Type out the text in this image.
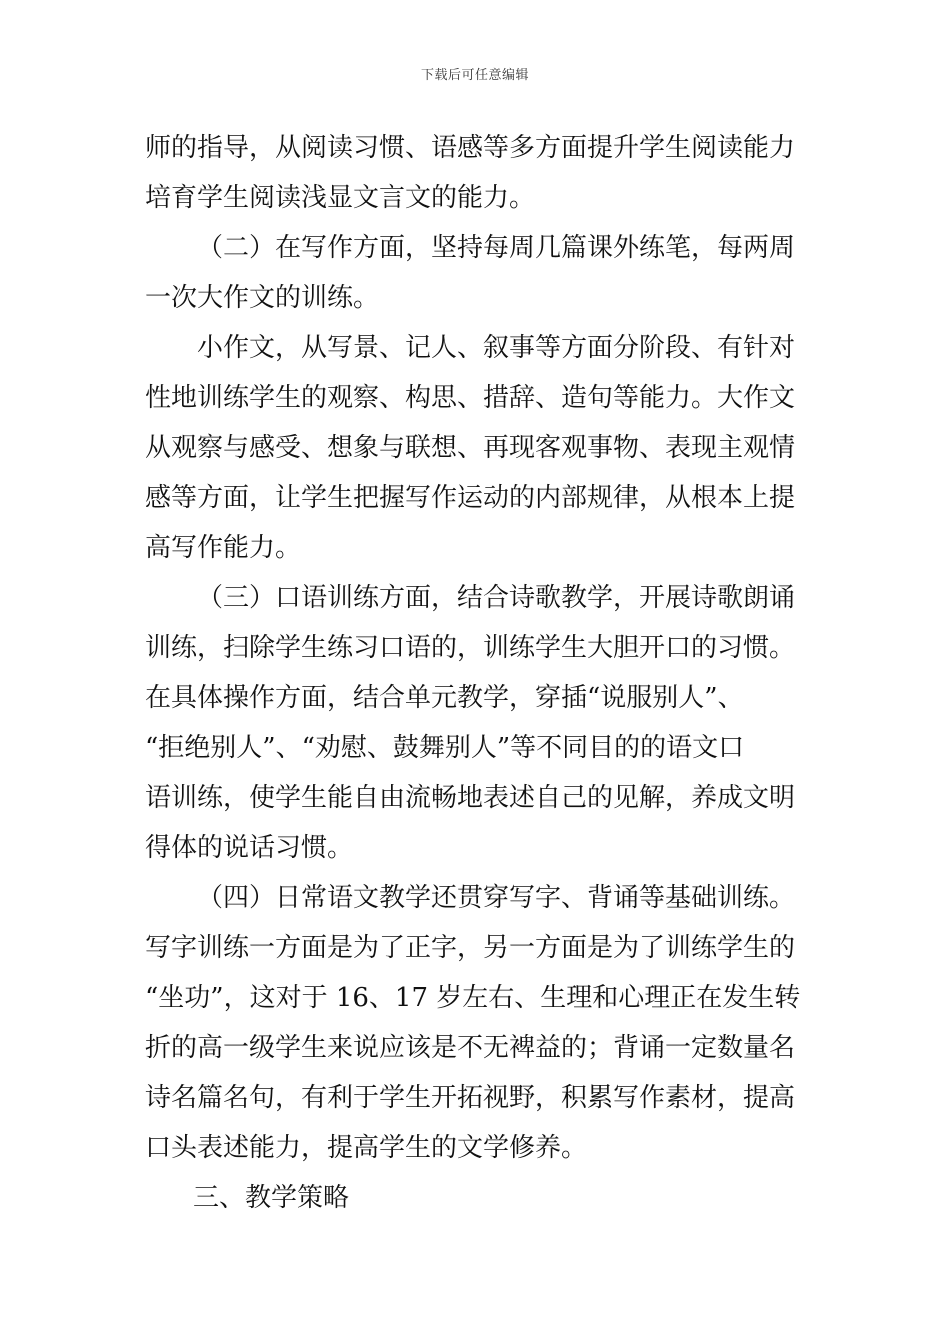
下载后可任意编辑
师的指导，从阅读习惯、语感等多方面提升学生阅读能力
培育学生阅读浅显文言文的能力。
（二）在写作方面，坚持每周几篇课外练笔，每两周
一次大作文的训练。
小作文，从写景、记人、叙事等方面分阶段、有针对
性地训练学生的观察、构思、措辞、造句等能力。大作文
从观察与感受、想象与联想、再现客观事物、表现主观情
感等方面，让学生把握写作运动的内部规律，从根本上提
高写作能力。
（三）口语训练方面，结合诗歌教学，开展诗歌朗诵
训练，扫除学生练习口语的，训练学生大胆开口的习惯。
在具体操作方面，结合单元教学，穿插“说服别人”、
“拒绝别人”、“劝慰、鼓舞别人”等不同目的的语文口
语训练，使学生能自由流畅地表述自己的见解，养成文明
得体的说话习惯。
（四）日常语文教学还贯穿写字、背诵等基础训练。
写字训练一方面是为了正字，另一方面是为了训练学生的
“坐功”，这对于 16、17 岁左右、生理和心理正在发生转
折的高一级学生来说应该是不无裨益的；背诵一定数量名
诗名篇名句，有利于学生开拓视野，积累写作素材，提高
口头表述能力，提高学生的文学修养。
三、教学策略
